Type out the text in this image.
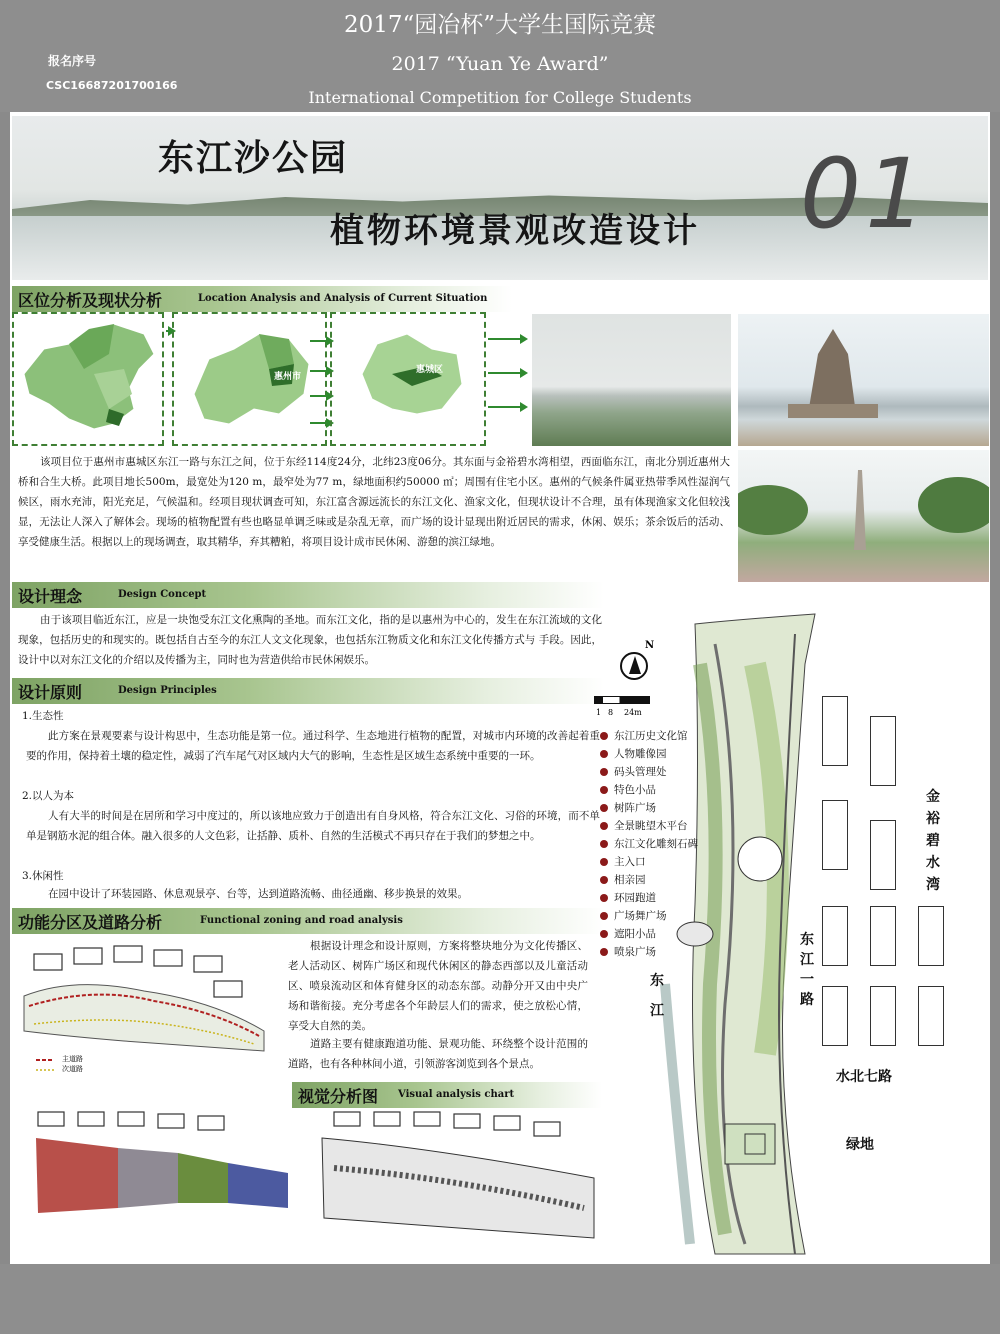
2017“园冶杯”大学生国际竞赛
2017 “Yuan Ye Award”
International Competition for College Students
报名序号
CSC16687201700166
东江沙公园
植物环境景观改造设计 01
区位分析及现状分析	Location Analysis and Analysis of Current Situation
惠州市
惠城区
该项目位于惠州市惠城区东江一路与东江之间，位于东经114度24分，北纬23度06分。其东面与金裕碧水湾相望，西面临东江，南北分别近惠州大桥和合生大桥。此项目地长500m，最宽处为120 m，最窄处为77 m，绿地面积约50000 ㎡；周围有住宅小区。惠州的气候条件属亚热带季风性湿润气候区，雨水充沛，阳光充足，气候温和。经项目现状调查可知，东江富含源远流长的东江文化、渔家文化，但现状设计不合理，虽有体现渔家文化但较浅显，无法让人深入了解体会。现场的植物配置有些也略显单调乏味或是杂乱无章，而广场的设计显现出附近居民的需求，休闲、娱乐；茶余饭后的活动、享受健康生活。根据以上的现场调查，取其精华，弃其糟粕，将项目设计成市民休闲、游憩的滨江绿地。
设计理念	Design Concept
由于该项目临近东江，应是一块饱受东江文化熏陶的圣地。而东江文化，指的是以惠州为中心的，发生在东江流域的文化现象，包括历史的和现实的。既包括自古至今的东江人文文化现象，也包括东江物质文化和东江文化传播方式与 手段。因此，设计中以对东江文化的介绍以及传播为主，同时也为营造供给市民休闲娱乐。
设计原则	Design Principles
1.生态性
此方案在景观要素与设计构思中，生态功能是第一位。通过科学、生态地进行植物的配置，对城市内环境的改善起着重要的作用，保持着土壤的稳定性，减弱了汽车尾气对区域内大气的影响，生态性是区域生态系统中重要的一环。
2.以人为本
人有大半的时间是在居所和学习中度过的，所以该地应致力于创造出有自身风格，符合东江文化、习俗的环境，而不单单是钢筋水泥的组合体。融入很多的人文色彩，让括静、质朴、自然的生活模式不再只存在于我们的梦想之中。
3.休闲性
在园中设计了环装园路、休息观景亭、台等，达到道路流畅、曲径通幽、移步换景的效果。
功能分区及道路分析	Functional zoning and road analysis
主道路
次道路
根据设计理念和设计原则，方案将整块地分为文化传播区、老人活动区、树阵广场区和现代休闲区的静态西部以及儿童活动区、喷泉流动区和体育健身区的动态东部。动静分开又由中央广场和谐衔接。充分考虑各个年龄层人们的需求，使之放松心情，享受大自然的美。
道路主要有健康跑道功能、景观功能、环绕整个设计范围的道路，也有各种林间小道，引领游客浏览到各个景点。
视觉分析图 Visual analysis chart
N
1 8 24m
东江历史文化馆
人物雕像园
码头管理处
特色小品
树阵广场
全景眺望木平台
东江文化雕刻石碑
主入口
相亲园
环园跑道
广场舞广场
遮阳小品
喷泉广场
金裕碧水湾
东江一路
东江
水北七路
绿地
